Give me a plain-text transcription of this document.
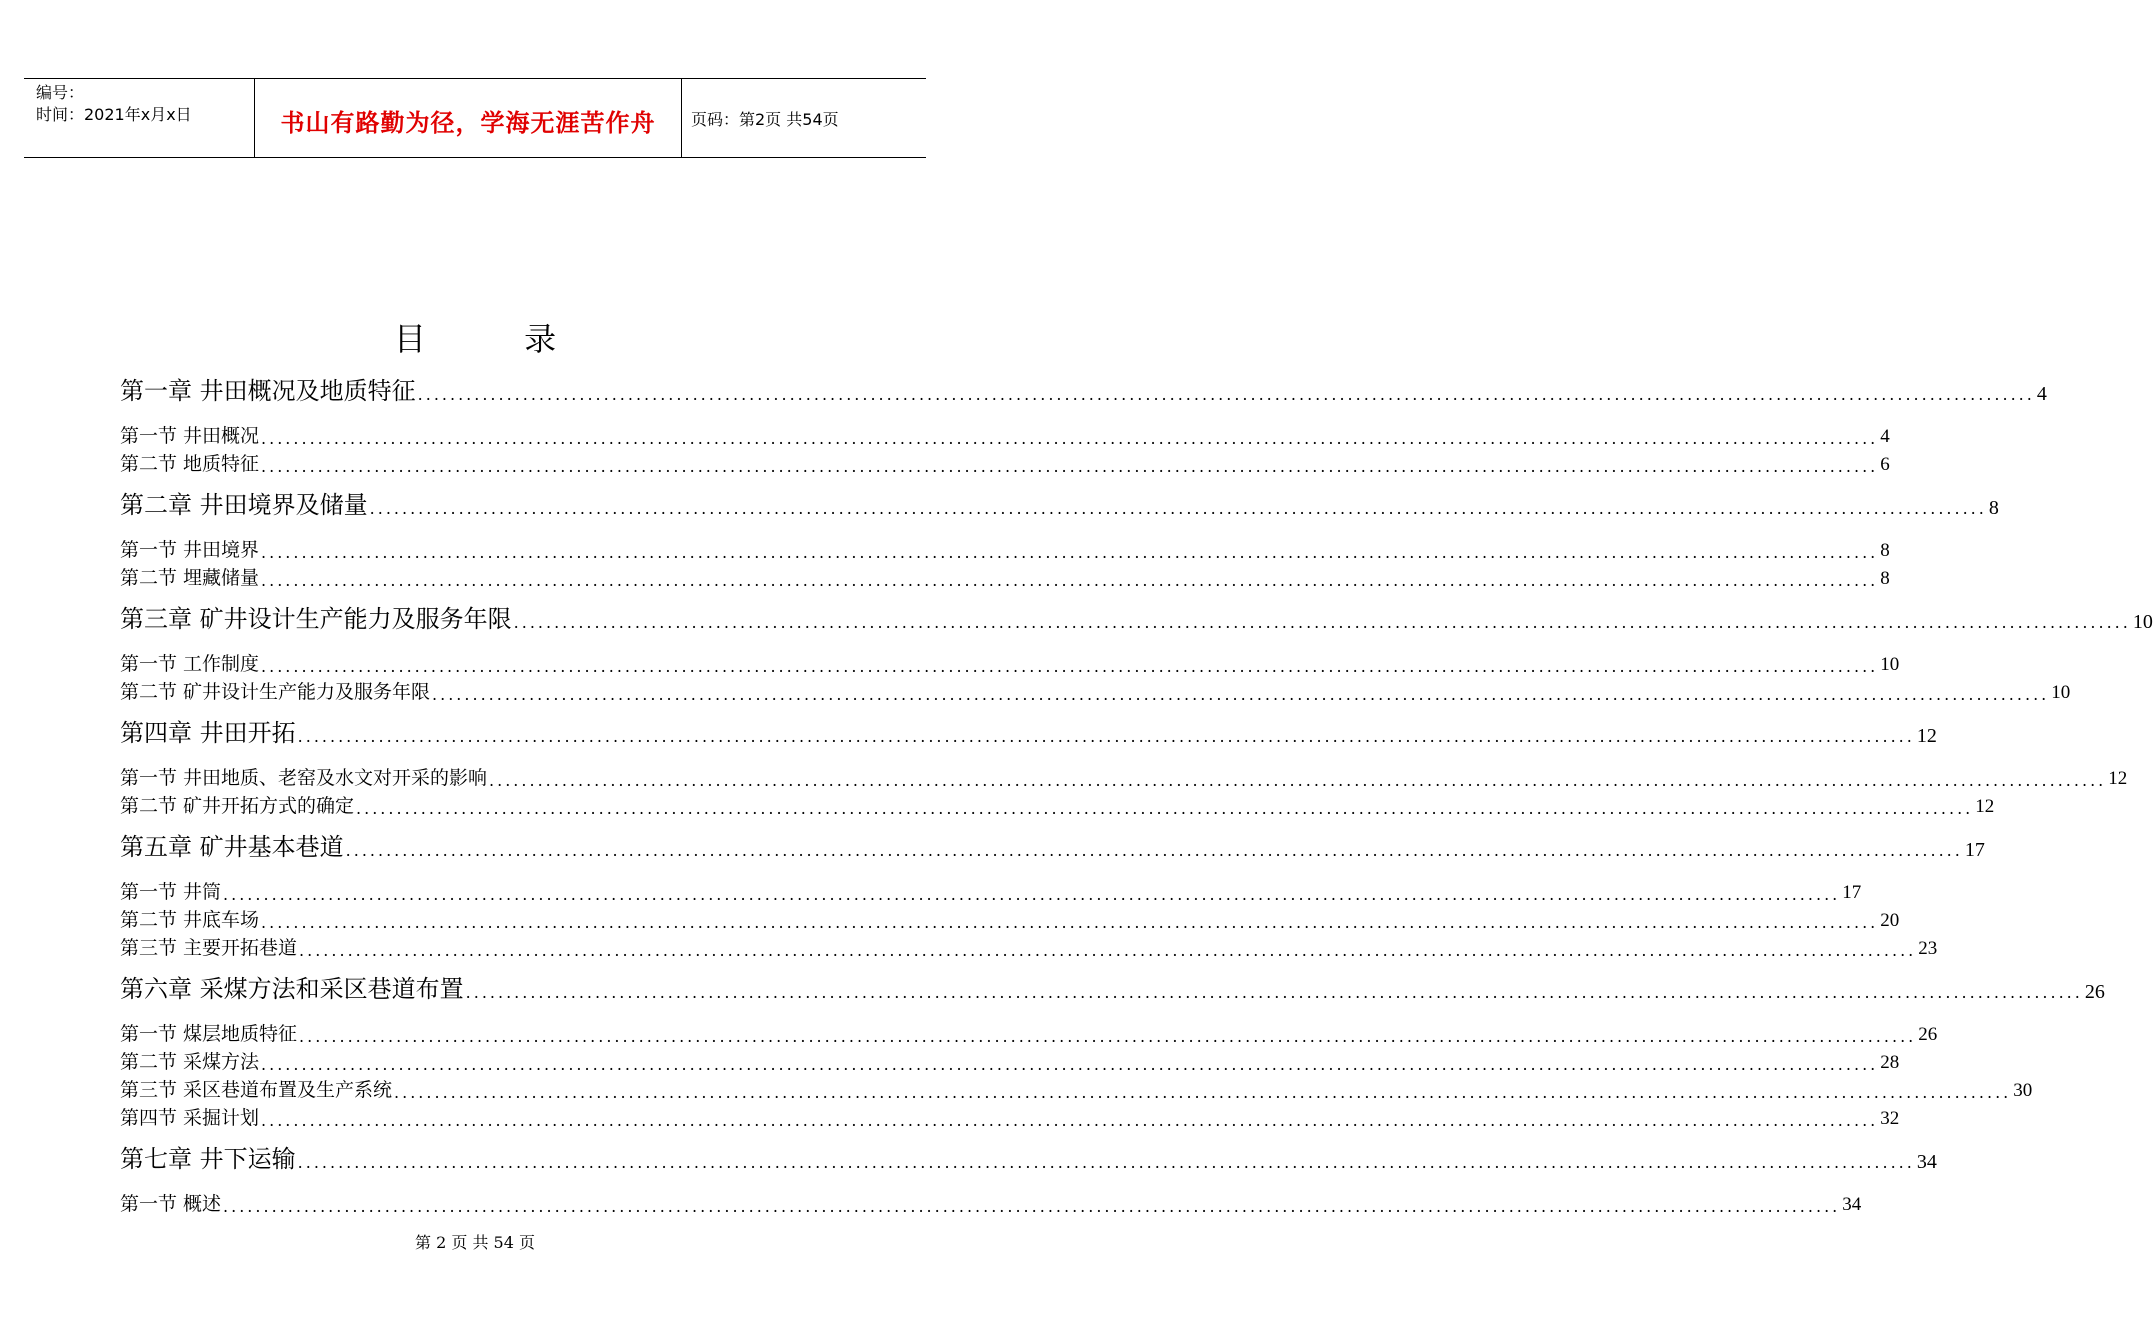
编号：
时间：2021年x月x日	书山有路勤为径，学海无涯苦作舟	页码：第2页 共54页
目 录
第一章 井田概况及地质特征 ........................................................................................................................................................................................................ 4
第一节 井田概况 ........................................................................................................................................................................................................ 4
第二节 地质特征 ........................................................................................................................................................................................................ 6
第二章 井田境界及储量 ........................................................................................................................................................................................................ 8
第一节 井田境界 ........................................................................................................................................................................................................ 8
第二节 埋藏储量 ........................................................................................................................................................................................................ 8
第三章 矿井设计生产能力及服务年限 ........................................................................................................................................................................................................ 10
第一节 工作制度 ........................................................................................................................................................................................................ 10
第二节 矿井设计生产能力及服务年限 ........................................................................................................................................................................................................ 10
第四章 井田开拓 ........................................................................................................................................................................................................ 12
第一节 井田地质、老窑及水文对开采的影响 ........................................................................................................................................................................................................ 12
第二节 矿井开拓方式的确定 ........................................................................................................................................................................................................ 12
第五章 矿井基本巷道 ........................................................................................................................................................................................................ 17
第一节 井筒 ........................................................................................................................................................................................................ 17
第二节 井底车场 ........................................................................................................................................................................................................ 20
第三节 主要开拓巷道 ........................................................................................................................................................................................................ 23
第六章 采煤方法和采区巷道布置 ........................................................................................................................................................................................................ 26
第一节 煤层地质特征 ........................................................................................................................................................................................................ 26
第二节 采煤方法 ........................................................................................................................................................................................................ 28
第三节 采区巷道布置及生产系统 ........................................................................................................................................................................................................ 30
第四节 采掘计划 ........................................................................................................................................................................................................ 32
第七章 井下运输 ........................................................................................................................................................................................................ 34
第一节 概述 ........................................................................................................................................................................................................ 34
第 2 页 共 54 页
